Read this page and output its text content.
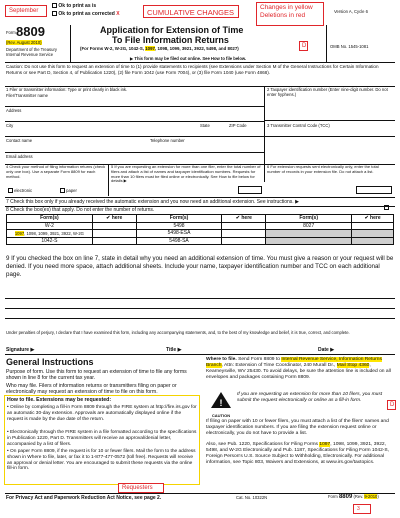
September
Ok to print as is
Ok to print as corrected X	CUMULATIVE CHANGES
Changes in yellow
Deletions in red
Version A, Cycle 6
Form 8809
(Rev. August 2010)
Department of the Treasury
Internal Revenue Service
Application for Extension of Time
To File Information Returns
(For Forms W-2, W-2G, 1042-S, 1097, 1098, 1099, 3921, 3922, 5498, and 8027)	D
▶ This form may be filed out online. See How to file below.
OMB No. 1545-1081
Caution: Do not use this form to request an extension of time to (1) provide statements to recipients (see Extensions under Section M of the General Instructions for Certain Information Returns or see Part D, Section 4, of Publication 1220), (2) file Form 1042 (use Form 7004), or (3) file Form 1040 (use Form 4868).
1 Filer or transmitter information: Type or print clearly in black ink.
Filer/Transmitter name
2 Taxpayer identification number (Enter nine-digit number. Do not enter hyphens.)
Address
City	State	ZIP Code	3 Transmitter Control Code (TCC)
Contact name	Telephone number
Email address
4 Check your method of filing information returns (check only one box). Use a separate Form 8809 for each method.
electronic	paper
5 If you are requesting an extension for more than one filer, enter the total number of filers and attach a list of names and taxpayer identification numbers. Requests for more than 10 filers must be filed online or electronically. See How to file below for details ▶
6 For extension requests sent electronically only, enter the total number of records in your extension file. Do not attach a list.
7 Check this box only if you already received the automatic extension and you now need an additional extension. See instructions. ▶
8 Check the box(es) that apply. Do not enter the number of returns.
Form(s)	✔ here	Form(s)	✔ here	Form(s)	✔ here
W-2		5498		8027	
1097, 1098, 1099, 3921, 3922, W-2G		5498-ESA			
1042-S		5498-SA			
9 If you checked the box on line 7, state in detail why you need an additional extension of time. You must give a reason or your request will be denied. If you need more space, attach additional sheets. Include your name, taxpayer identification number and TCC on each additional page.
Under penalties of perjury, I declare that I have examined this form, including any accompanying statements, and, to the best of my knowledge and belief, it is true, correct, and complete.
Signature ▶	Title ▶	Date ▶
General Instructions
Purpose of form. Use this form to request an extension of time to file any forms shown in line 8 for the current tax year.
Who may file. Filers of information returns or transmitters filing on paper or electronically may request an extension of time to file on this form.
How to file. Extensions may be requested:
• Online by completing a fill-in Form 8809 through the FIRE system at http://fire.irs.gov for an automatic 30-day extension. Approvals are automatically displayed online if the request is made by the due date of the return.
• Electronically through the FIRE system in a file formatted according to the specifications in Publication 1220, Part D. Transmitters will receive an approval/denial letter, accompanied by a list of filers.
• On paper Form 8809, if the request is for 10 or fewer filers. Mail the form to the address shown in Where to file, later, or fax it to 1-877-477-0572 (toll free). Requests will receive an approval or denial letter. You are encouraged to submit these requests via the online fill-in form.
Requesters
Where to file. Send Form 8809 to Internal Revenue Service, Information Returns Branch, Attn: Extension of Time Coordinator, 240 Murall Dr., Mail Stop 4360, Kearneysville, WV 25430. To avoid delays, be sure the attention line is included on all envelopes and packages containing Form 8809.
!
CAUTION
If you are requesting an extension for more than 10 filers, you must submit the request electronically or online as a fill-in form.
D
If filing on paper with 10 or fewer filers, you must attach a list of the filers' names and taxpayer identification numbers. If you are filing the extension request online or electronically, you do not have to provide a list.
Also, see Pub. 1220, Specifications for Filing Forms 1097, 1098, 1099, 3921, 3922, 5498, and W-2G Electronically and Pub. 1187, Specifications for Filing Form 1042-S, Foreign Person's U.S. Source Subject to Withholding, Electronically. For additional information, see Topic 803, Waivers and Extensions, at www.irs.gov/taxtopics.
For Privacy Act and Paperwork Reduction Act Notice, see page 2.	Cat. No. 10322N	Form 8809 (Rev. 9-2010)
3
